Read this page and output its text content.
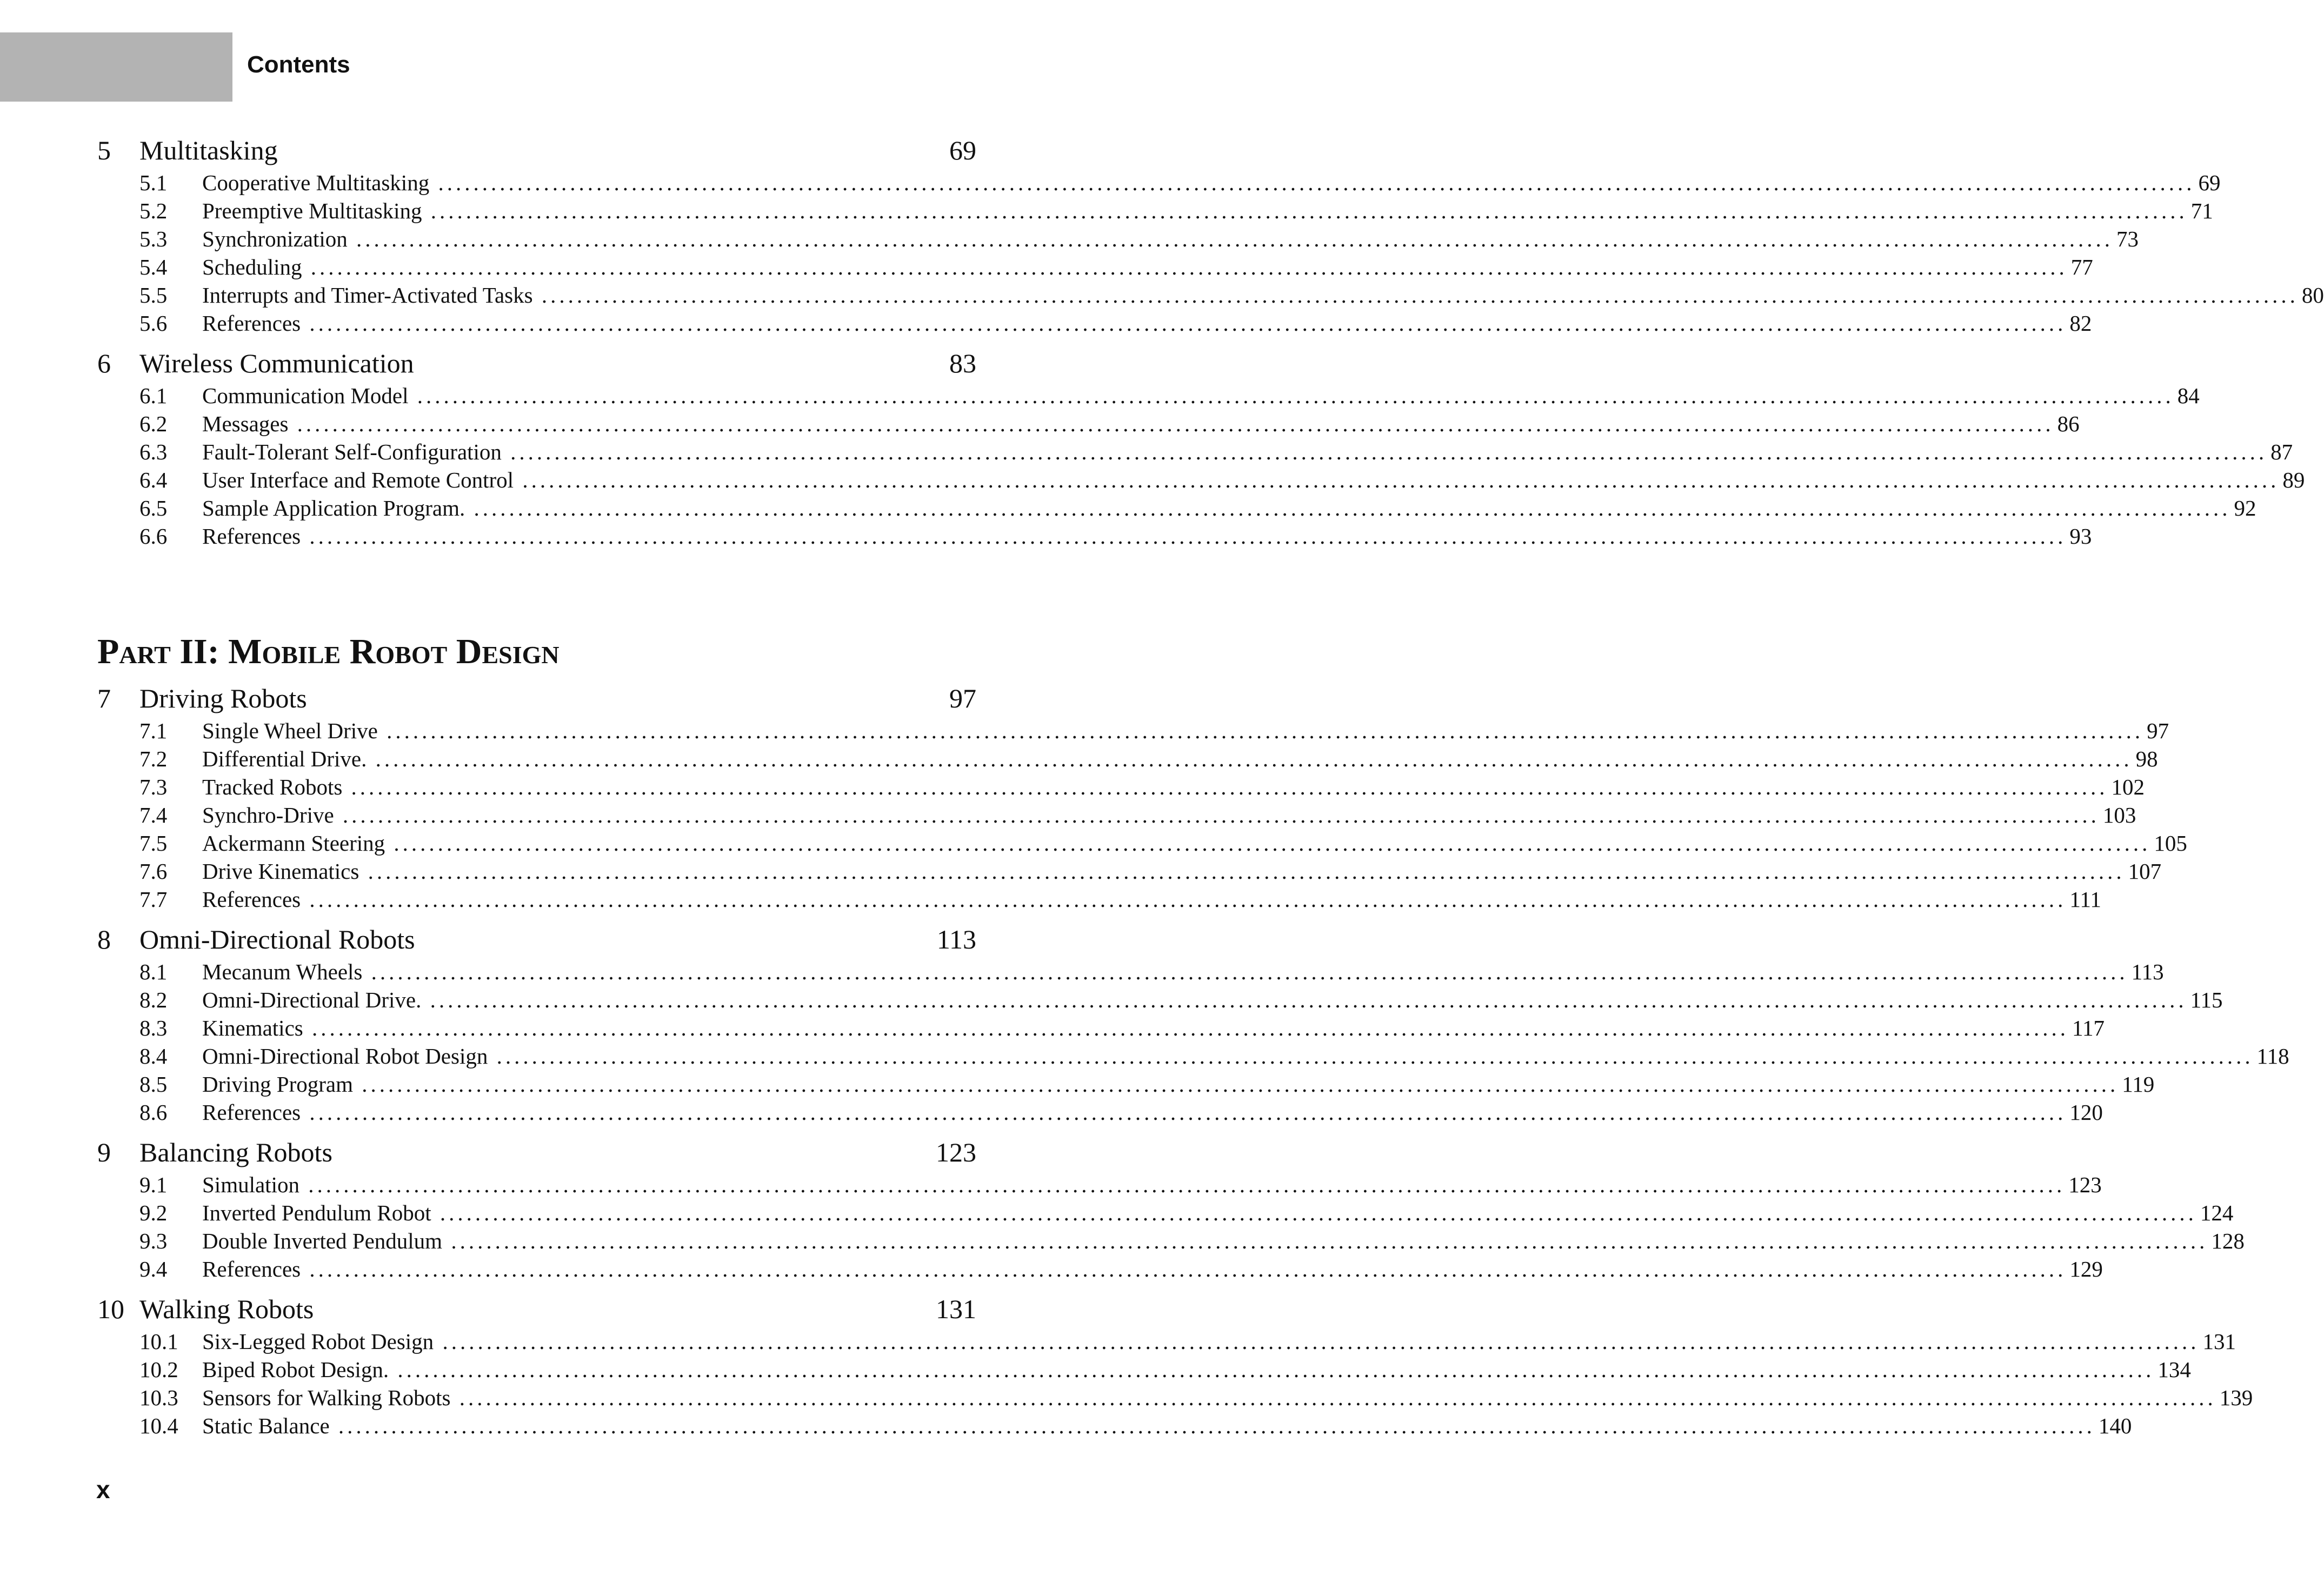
Contents
5	Multitasking	69
5.1	Cooperative Multitasking ........................................................................................................................................................................................................ 69
5.2	Preemptive Multitasking ........................................................................................................................................................................................................ 71
5.3	Synchronization ........................................................................................................................................................................................................ 73
5.4	Scheduling ........................................................................................................................................................................................................ 77
5.5	Interrupts and Timer-Activated Tasks ........................................................................................................................................................................................................ 80
5.6	References ........................................................................................................................................................................................................ 82
6	Wireless Communication	83
6.1	Communication Model ........................................................................................................................................................................................................ 84
6.2	Messages ........................................................................................................................................................................................................ 86
6.3	Fault-Tolerant Self-Configuration ........................................................................................................................................................................................................ 87
6.4	User Interface and Remote Control ........................................................................................................................................................................................................ 89
6.5	Sample Application Program. ........................................................................................................................................................................................................ 92
6.6	References ........................................................................................................................................................................................................ 93
Part II: Mobile Robot Design
7	Driving Robots	97
7.1	Single Wheel Drive ........................................................................................................................................................................................................ 97
7.2	Differential Drive. ........................................................................................................................................................................................................ 98
7.3	Tracked Robots ........................................................................................................................................................................................................ 102
7.4	Synchro-Drive ........................................................................................................................................................................................................ 103
7.5	Ackermann Steering ........................................................................................................................................................................................................ 105
7.6	Drive Kinematics ........................................................................................................................................................................................................ 107
7.7	References ........................................................................................................................................................................................................ 111
8	Omni-Directional Robots	113
8.1	Mecanum Wheels ........................................................................................................................................................................................................ 113
8.2	Omni-Directional Drive. ........................................................................................................................................................................................................ 115
8.3	Kinematics ........................................................................................................................................................................................................ 117
8.4	Omni-Directional Robot Design ........................................................................................................................................................................................................ 118
8.5	Driving Program ........................................................................................................................................................................................................ 119
8.6	References ........................................................................................................................................................................................................ 120
9	Balancing Robots	123
9.1	Simulation ........................................................................................................................................................................................................ 123
9.2	Inverted Pendulum Robot ........................................................................................................................................................................................................ 124
9.3	Double Inverted Pendulum ........................................................................................................................................................................................................ 128
9.4	References ........................................................................................................................................................................................................ 129
10 Walking Robots	131
10.1	Six-Legged Robot Design ........................................................................................................................................................................................................ 131
10.2	Biped Robot Design. ........................................................................................................................................................................................................ 134
10.3	Sensors for Walking Robots ........................................................................................................................................................................................................ 139
10.4	Static Balance ........................................................................................................................................................................................................ 140
x
